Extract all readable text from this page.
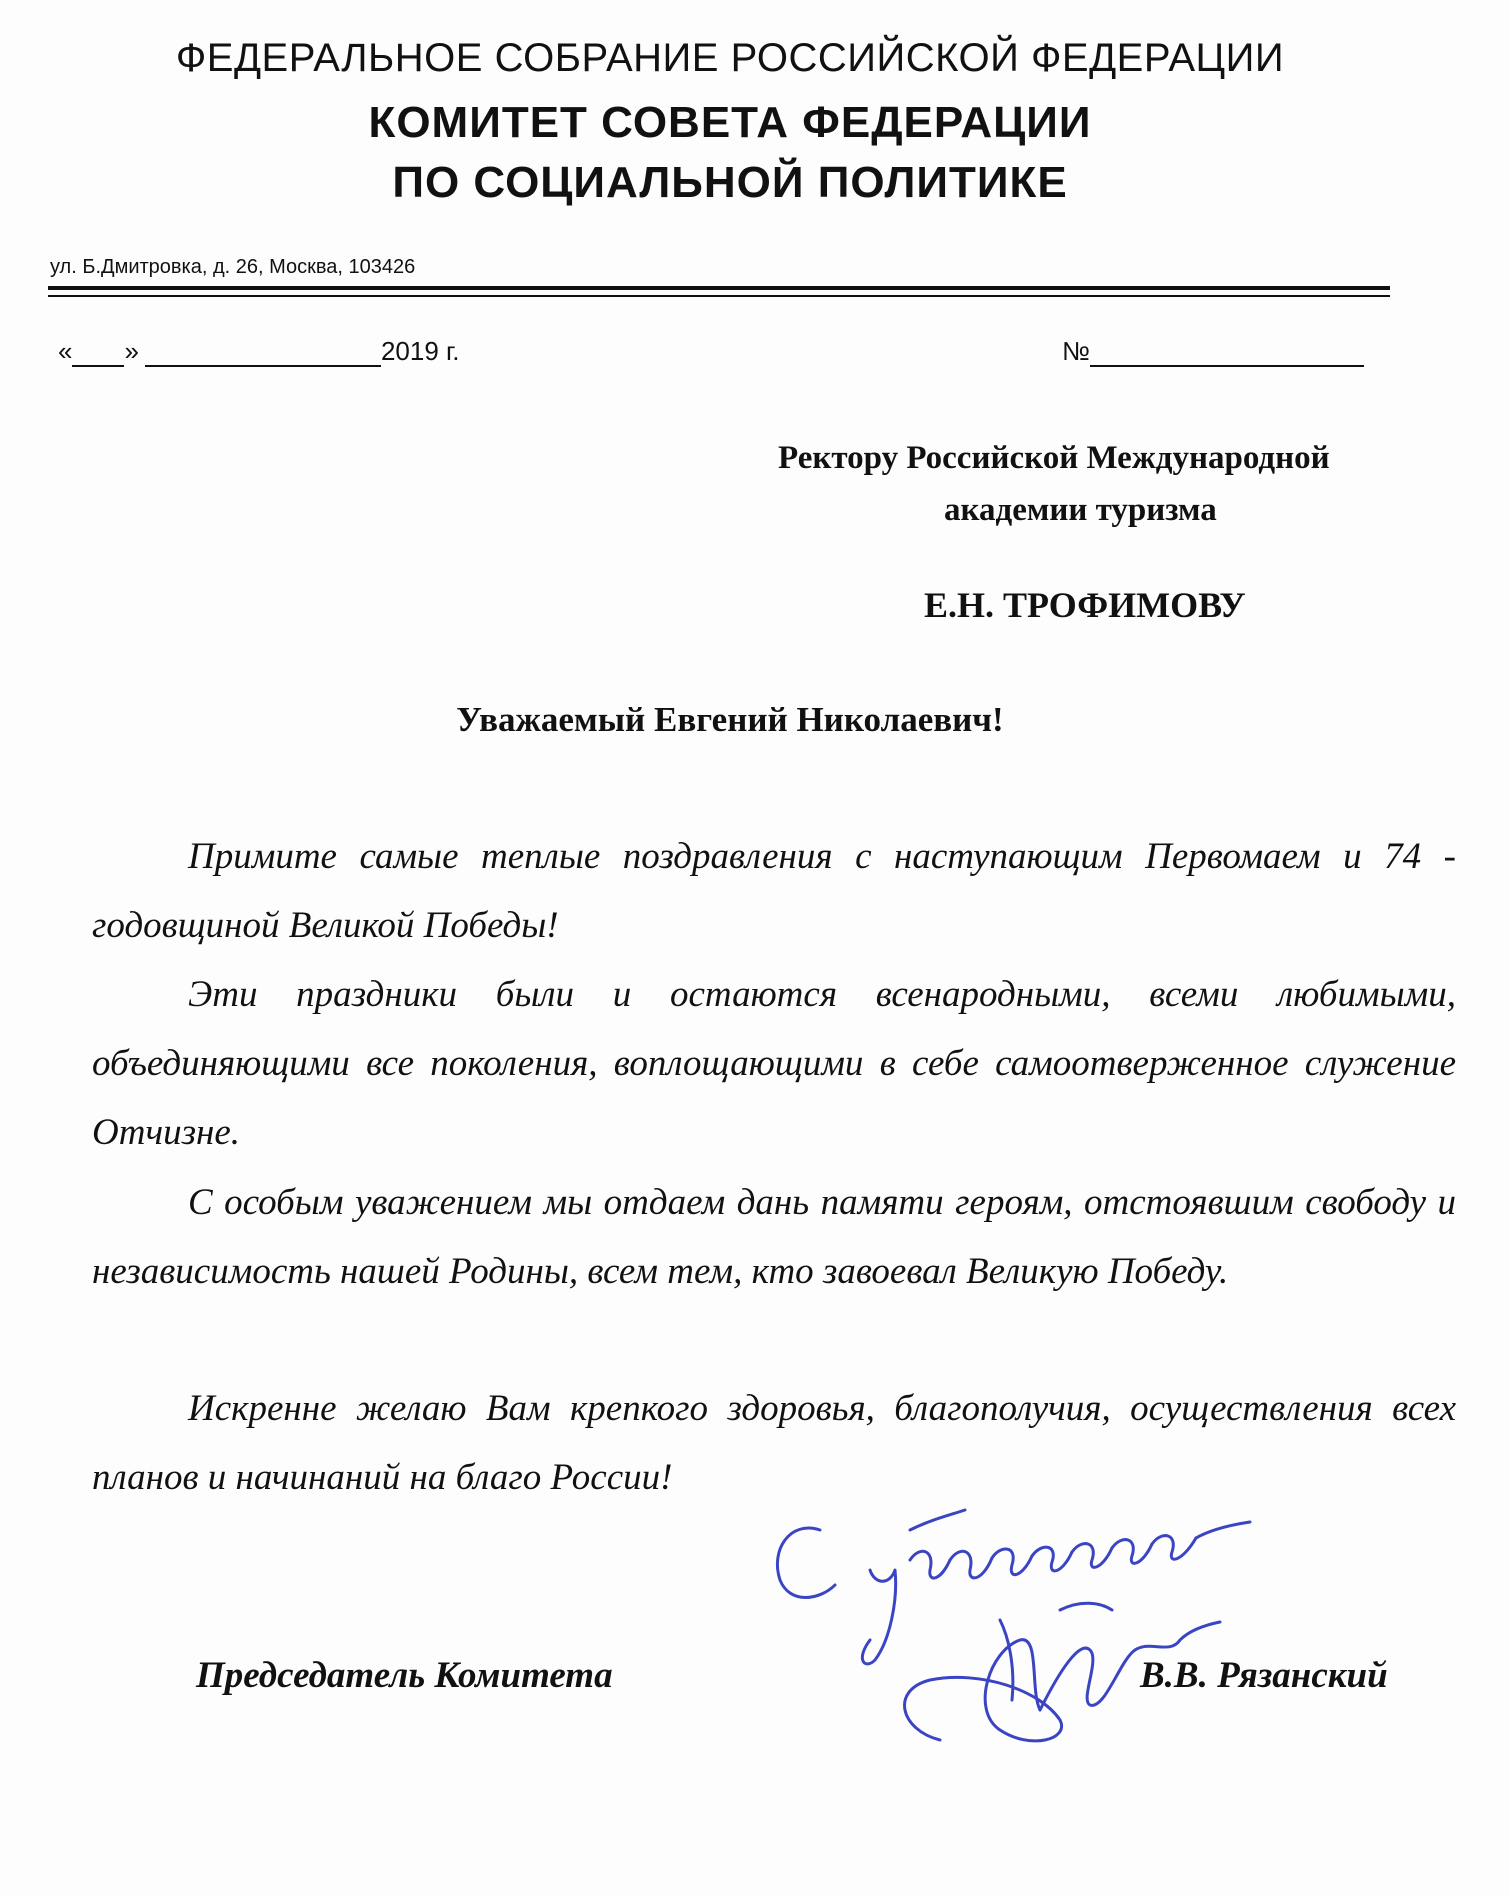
ФЕДЕРАЛЬНОЕ СОБРАНИЕ РОССИЙСКОЙ ФЕДЕРАЦИИ
КОМИТЕТ СОВЕТА ФЕДЕРАЦИИ
ПО СОЦИАЛЬНОЙ ПОЛИТИКЕ
ул. Б.Дмитровка, д. 26, Москва, 103426
« »	2019 г.	№
Ректору Российской Международной
академии туризма
Е.Н. ТРОФИМОВУ
Уважаемый Евгений Николаевич!

Примите самые теплые поздравления с наступающим Первомаем и 74 - годовщиной Великой Победы!

Эти праздники были и остаются всенародными, всеми любимыми, объединяющими все поколения, воплощающими в себе самоотверженное служение Отчизне.

С особым уважением мы отдаем дань памяти героям, отстоявшим свободу и независимость нашей Родины, всем тем, кто завоевал Великую Победу.

Искренне желаю Вам крепкого здоровья, благополучия, осуществления всех планов и начинаний на благо России!

Председатель Комитета	В.В. Рязанский
